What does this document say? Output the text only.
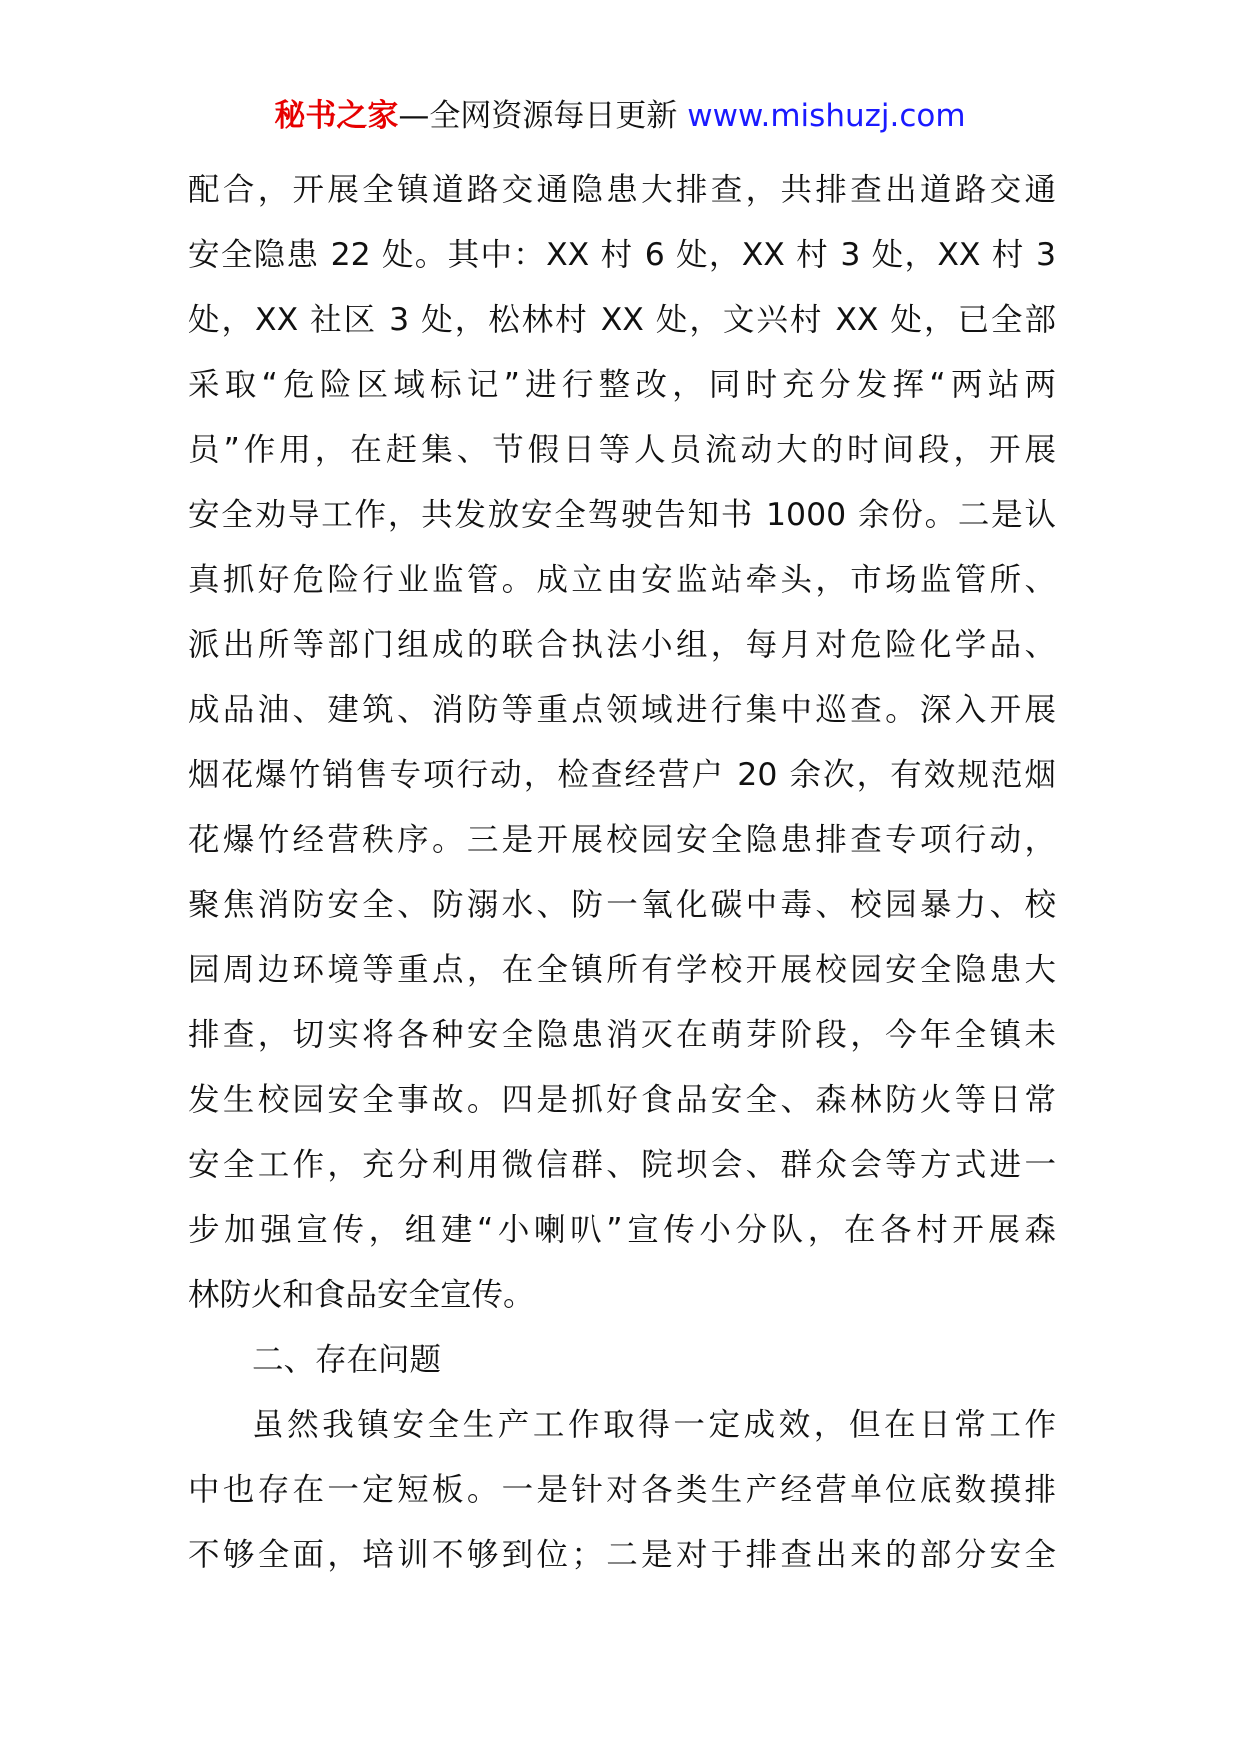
秘书之家—全网资源每日更新 www.mishuzj.com
配合，开展全镇道路交通隐患大排查，共排查出道路交通
安全隐患 22 处。其中：XX 村 6 处，XX 村 3 处，XX 村 3
处，XX 社区 3 处，松林村 XX 处，文兴村 XX 处，已全部
采取“危险区域标记”进行整改，同时充分发挥“两站两
员”作用，在赶集、节假日等人员流动大的时间段，开展
安全劝导工作，共发放安全驾驶告知书 1000 余份。二是认
真抓好危险行业监管。成立由安监站牵头，市场监管所、
派出所等部门组成的联合执法小组，每月对危险化学品、
成品油、建筑、消防等重点领域进行集中巡查。深入开展
烟花爆竹销售专项行动，检查经营户 20 余次，有效规范烟
花爆竹经营秩序。三是开展校园安全隐患排查专项行动，
聚焦消防安全、防溺水、防一氧化碳中毒、校园暴力、校
园周边环境等重点，在全镇所有学校开展校园安全隐患大
排查，切实将各种安全隐患消灭在萌芽阶段，今年全镇未
发生校园安全事故。四是抓好食品安全、森林防火等日常
安全工作，充分利用微信群、院坝会、群众会等方式进一
步加强宣传，组建“小喇叭”宣传小分队，在各村开展森
林防火和食品安全宣传。
二、存在问题
虽然我镇安全生产工作取得一定成效，但在日常工作
中也存在一定短板。一是针对各类生产经营单位底数摸排
不够全面，培训不够到位；二是对于排查出来的部分安全
